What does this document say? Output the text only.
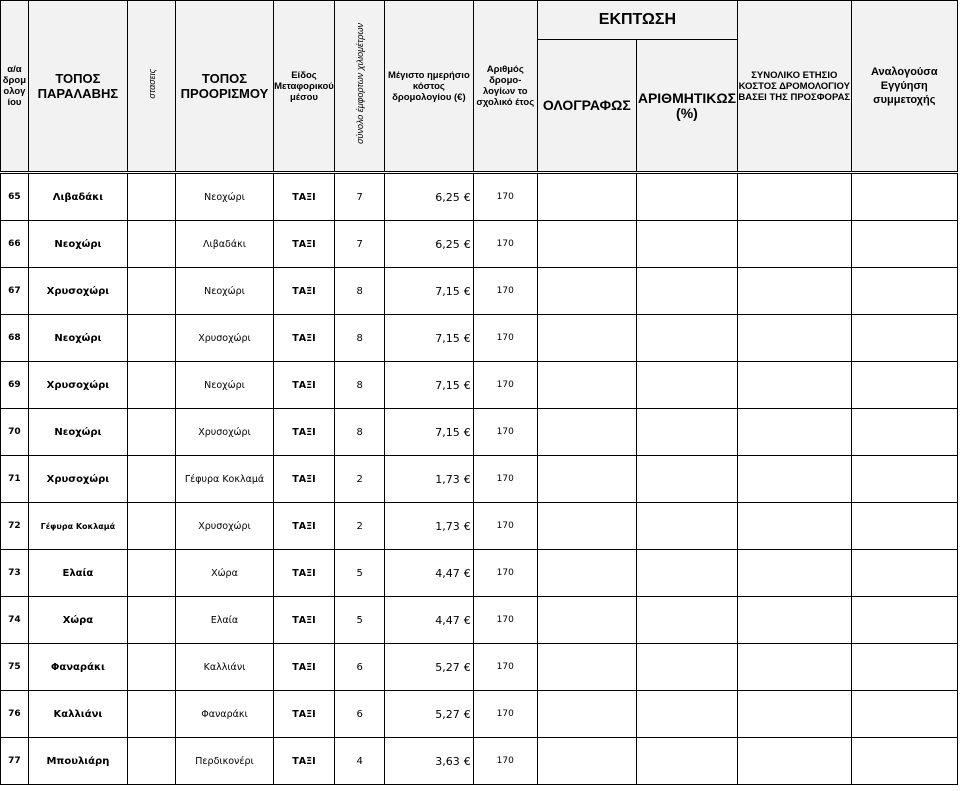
α/α δρομ ολογ ίου	ΤΟΠΟΣ ΠΑΡΑΛΑΒΗΣ	στασεις	ΤΟΠΟΣ ΠΡΟΟΡΙΣΜΟΥ	Είδος Μεταφορικού μέσου	σύνολο έμφορτων χιλιομέτρων	Μέγιστο ημερήσιο κόστος δρομολογίου (€)	Αριθμός δρομο-λογίων το σχολικό έτος	ΕΚΠΤΩΣΗ		ΣΥΝΟΛΙΚΟ ΕΤΗΣΙΟ ΚΟΣΤΟΣ ΔΡΟΜΟΛΟΓΙΟΥ ΒΑΣΕΙ ΤΗΣ ΠΡΟΣΦΟΡΑΣ	Αναλογούσα Εγγύηση συμμετοχής
								ΟΛΟΓΡΑΦΩΣ	ΑΡΙΘΜΗΤΙΚΩΣ (%)		

65	Λιβαδάκι		Νεοχώρι	ΤΑΞΙ	7	6,25 €	170				
66	Νεοχώρι		Λιβαδάκι	ΤΑΞΙ	7	6,25 €	170				
67	Χρυσοχώρι		Νεοχώρι	ΤΑΞΙ	8	7,15 €	170				
68	Νεοχώρι		Χρυσοχώρι	ΤΑΞΙ	8	7,15 €	170				
69	Χρυσοχώρι		Νεοχώρι	ΤΑΞΙ	8	7,15 €	170				
70	Νεοχώρι		Χρυσοχώρι	ΤΑΞΙ	8	7,15 €	170				
71	Χρυσοχώρι		Γέφυρα Κοκλαμά	ΤΑΞΙ	2	1,73 €	170				
72	Γέφυρα Κοκλαμά		Χρυσοχώρι	ΤΑΞΙ	2	1,73 €	170				
73	Ελαία		Χώρα	ΤΑΞΙ	5	4,47 €	170				
74	Χώρα		Ελαία	ΤΑΞΙ	5	4,47 €	170				
75	Φαναράκι		Καλλιάνι	ΤΑΞΙ	6	5,27 €	170				
76	Καλλιάνι		Φαναράκι	ΤΑΞΙ	6	5,27 €	170				
77	Μπουλιάρη		Περδικονέρι	ΤΑΞΙ	4	3,63 €	170				
